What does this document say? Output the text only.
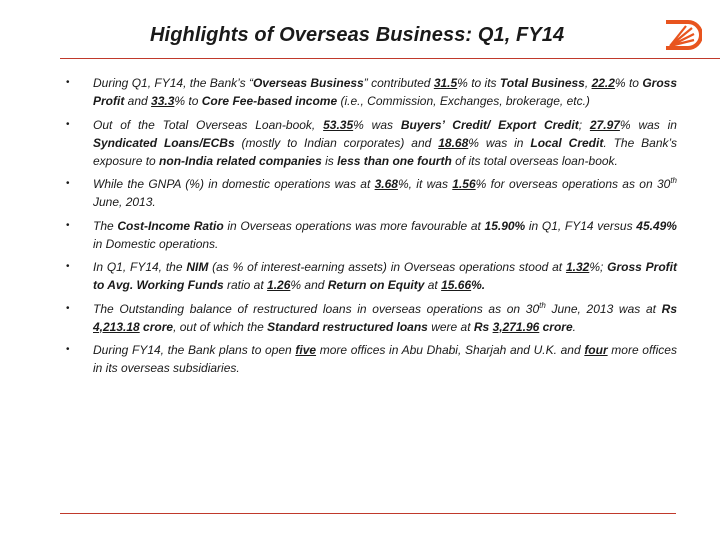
Highlights of Overseas Business: Q1, FY14
• During Q1, FY14, the Bank’s “Overseas Business” contributed 31.5% to its Total Business, 22.2% to Gross Profit and 33.3% to Core Fee-based income (i.e., Commission, Exchanges, brokerage, etc.)
• Out of the Total Overseas Loan-book, 53.35% was Buyers’ Credit/ Export Credit; 27.97% was in Syndicated Loans/ECBs (mostly to Indian corporates) and 18.68% was in Local Credit. The Bank’s exposure to non-India related companies is less than one fourth of its total overseas loan-book.
• While the GNPA (%) in domestic operations was at 3.68%, it was 1.56% for overseas operations as on 30th June, 2013.
• The Cost-Income Ratio in Overseas operations was more favourable at 15.90% in Q1, FY14 versus 45.49% in Domestic operations.
• In Q1, FY14, the NIM (as % of interest-earning assets) in Overseas operations stood at 1.32%; Gross Profit to Avg. Working Funds ratio at 1.26% and Return on Equity at 15.66%.
• The Outstanding balance of restructured loans in overseas operations as on 30th June, 2013 was at Rs 4,213.18 crore, out of which the Standard restructured loans were at Rs 3,271.96 crore.
• During FY14, the Bank plans to open five more offices in Abu Dhabi, Sharjah and U.K. and four more offices in its overseas subsidiaries.
